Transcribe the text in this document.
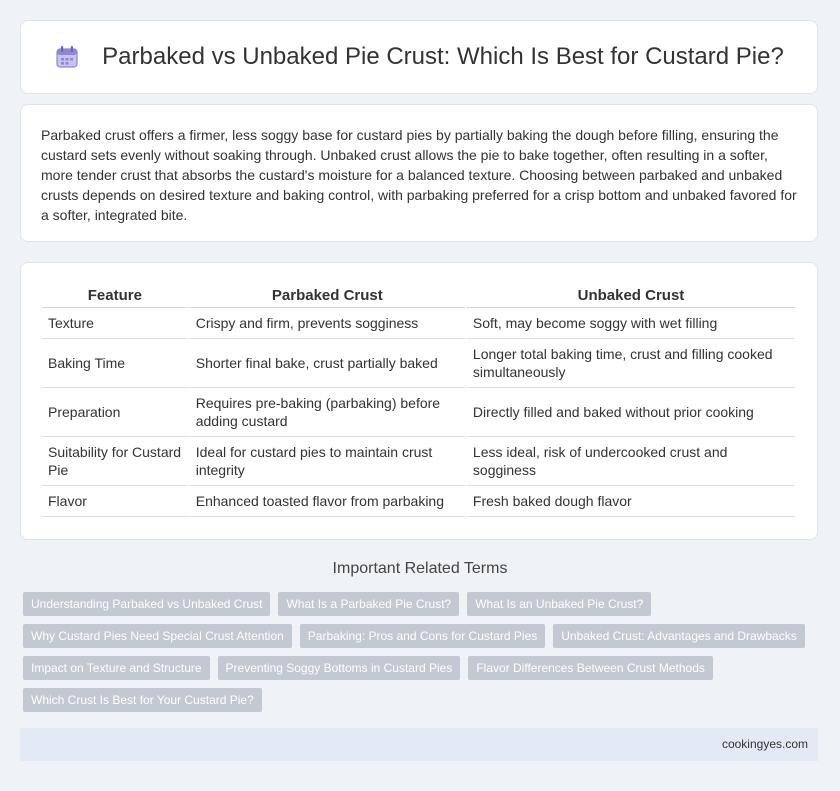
Parbaked vs Unbaked Pie Crust: Which Is Best for Custard Pie?

Parbaked crust offers a firmer, less soggy base for custard pies by partially baking the dough before filling, ensuring the custard sets evenly without soaking through. Unbaked crust allows the pie to bake together, often resulting in a softer, more tender crust that absorbs the custard's moisture for a balanced texture. Choosing between parbaked and unbaked crusts depends on desired texture and baking control, with parbaking preferred for a crisp bottom and unbaked favored for a softer, integrated bite.

Feature	Parbaked Crust	Unbaked Crust
Texture	Crispy and firm, prevents sogginess	Soft, may become soggy with wet filling
Baking Time	Shorter final bake, crust partially baked	Longer total baking time, crust and filling cooked simultaneously
Preparation	Requires pre-baking (parbaking) before adding custard	Directly filled and baked without prior cooking
Suitability for Custard Pie	Ideal for custard pies to maintain crust integrity	Less ideal, risk of undercooked crust and sogginess
Flavor	Enhanced toasted flavor from parbaking	Fresh baked dough flavor
Important Related Terms
Understanding Parbaked vs Unbaked Crust	What Is a Parbaked Pie Crust?	What Is an Unbaked Pie Crust?
Why Custard Pies Need Special Crust Attention	Parbaking: Pros and Cons for Custard Pies	Unbaked Crust: Advantages and Drawbacks
Impact on Texture and Structure	Preventing Soggy Bottoms in Custard Pies	Flavor Differences Between Crust Methods
Which Crust Is Best for Your Custard Pie?
cookingyes.com
